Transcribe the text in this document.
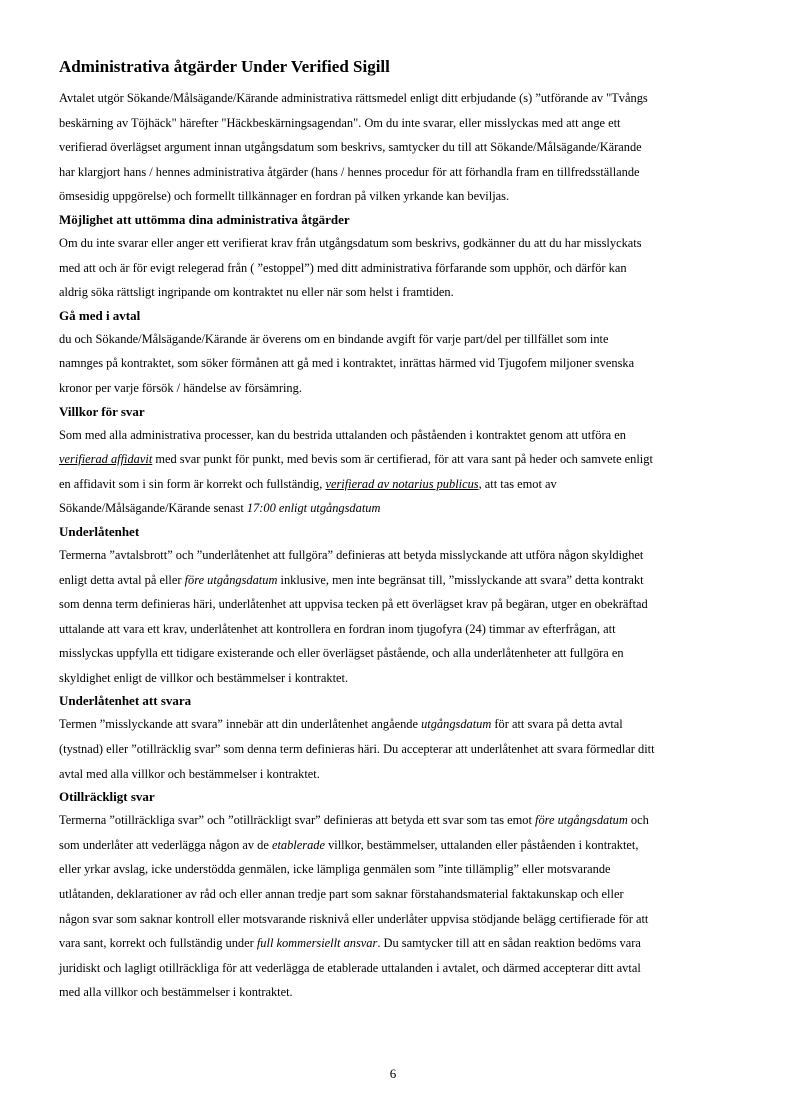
Administrativa åtgärder Under Verified Sigill

Avtalet utgör Sökande/Målsägande/Kärande administrativa rättsmedel enligt ditt erbjudande (s) ”utförande av "Tvångs
beskärning av Töjhäck" härefter "Häckbeskärningsagendan". Om du inte svarar, eller misslyckas med att ange ett
verifierad överlägset argument innan utgångsdatum som beskrivs, samtycker du till att Sökande/Målsägande/Kärande
har klargjort hans / hennes administrativa åtgärder (hans / hennes procedur för att förhandla fram en tillfredsställande
ömsesidig uppgörelse) och formellt tillkännager en fordran på vilken yrkande kan beviljas.

Möjlighet att uttömma dina administrativa åtgärder

Om du inte svarar eller anger ett verifierat krav från utgångsdatum som beskrivs, godkänner du att du har misslyckats
med att och är för evigt relegerad från ( ”estoppel”) med ditt administrativa förfarande som upphör, och därför kan
aldrig söka rättsligt ingripande om kontraktet nu eller när som helst i framtiden.

Gå med i avtal

du och Sökande/Målsägande/Kärande är överens om en bindande avgift för varje part/del per tillfället som inte
namnges på kontraktet, som söker förmånen att gå med i kontraktet, inrättas härmed vid Tjugofem miljoner svenska
kronor per varje försök / händelse av försämring.

Villkor för svar

Som med alla administrativa processer, kan du bestrida uttalanden och påståenden i kontraktet genom att utföra en
verifierad affidavit med svar punkt för punkt, med bevis som är certifierad, för att vara sant på heder och samvete enligt
en affidavit som i sin form är korrekt och fullständig, verifierad av notarius publicus, att tas emot av
Sökande/Målsägande/Kärande senast 17:00 enligt utgångsdatum

Underlåtenhet

Termerna ”avtalsbrott” och ”underlåtenhet att fullgöra” definieras att betyda misslyckande att utföra någon skyldighet
enligt detta avtal på eller före utgångsdatum inklusive, men inte begränsat till, ”misslyckande att svara” detta kontrakt
som denna term definieras häri, underlåtenhet att uppvisa tecken på ett överlägset krav på begäran, utger en obekräftad
uttalande att vara ett krav, underlåtenhet att kontrollera en fordran inom tjugofyra (24) timmar av efterfrågan, att
misslyckas uppfylla ett tidigare existerande och eller överlägset påstående, och alla underlåtenheter att fullgöra en
skyldighet enligt de villkor och bestämmelser i kontraktet.

Underlåtenhet att svara

Termen ”misslyckande att svara” innebär att din underlåtenhet angående utgångsdatum för att svara på detta avtal
(tystnad) eller ”otillräcklig svar” som denna term definieras häri. Du accepterar att underlåtenhet att svara förmedlar ditt
avtal med alla villkor och bestämmelser i kontraktet.

Otillräckligt svar

Termerna ”otillräckliga svar” och ”otillräckligt svar” definieras att betyda ett svar som tas emot före utgångsdatum och
som underlåter att vederlägga någon av de etablerade villkor, bestämmelser, uttalanden eller påståenden i kontraktet,
eller yrkar avslag, icke understödda genmälen, icke lämpliga genmälen som ”inte tillämplig” eller motsvarande
utlåtanden, deklarationer av råd och eller annan tredje part som saknar förstahandsmaterial faktakunskap och eller
någon svar som saknar kontroll eller motsvarande risknivå eller underlåter uppvisa stödjande belägg certifierade för att
vara sant, korrekt och fullständig under full kommersiellt ansvar. Du samtycker till att en sådan reaktion bedöms vara
juridiskt och lagligt otillräckliga för att vederlägga de etablerade uttalanden i avtalet, och därmed accepterar ditt avtal
med alla villkor och bestämmelser i kontraktet.

6
